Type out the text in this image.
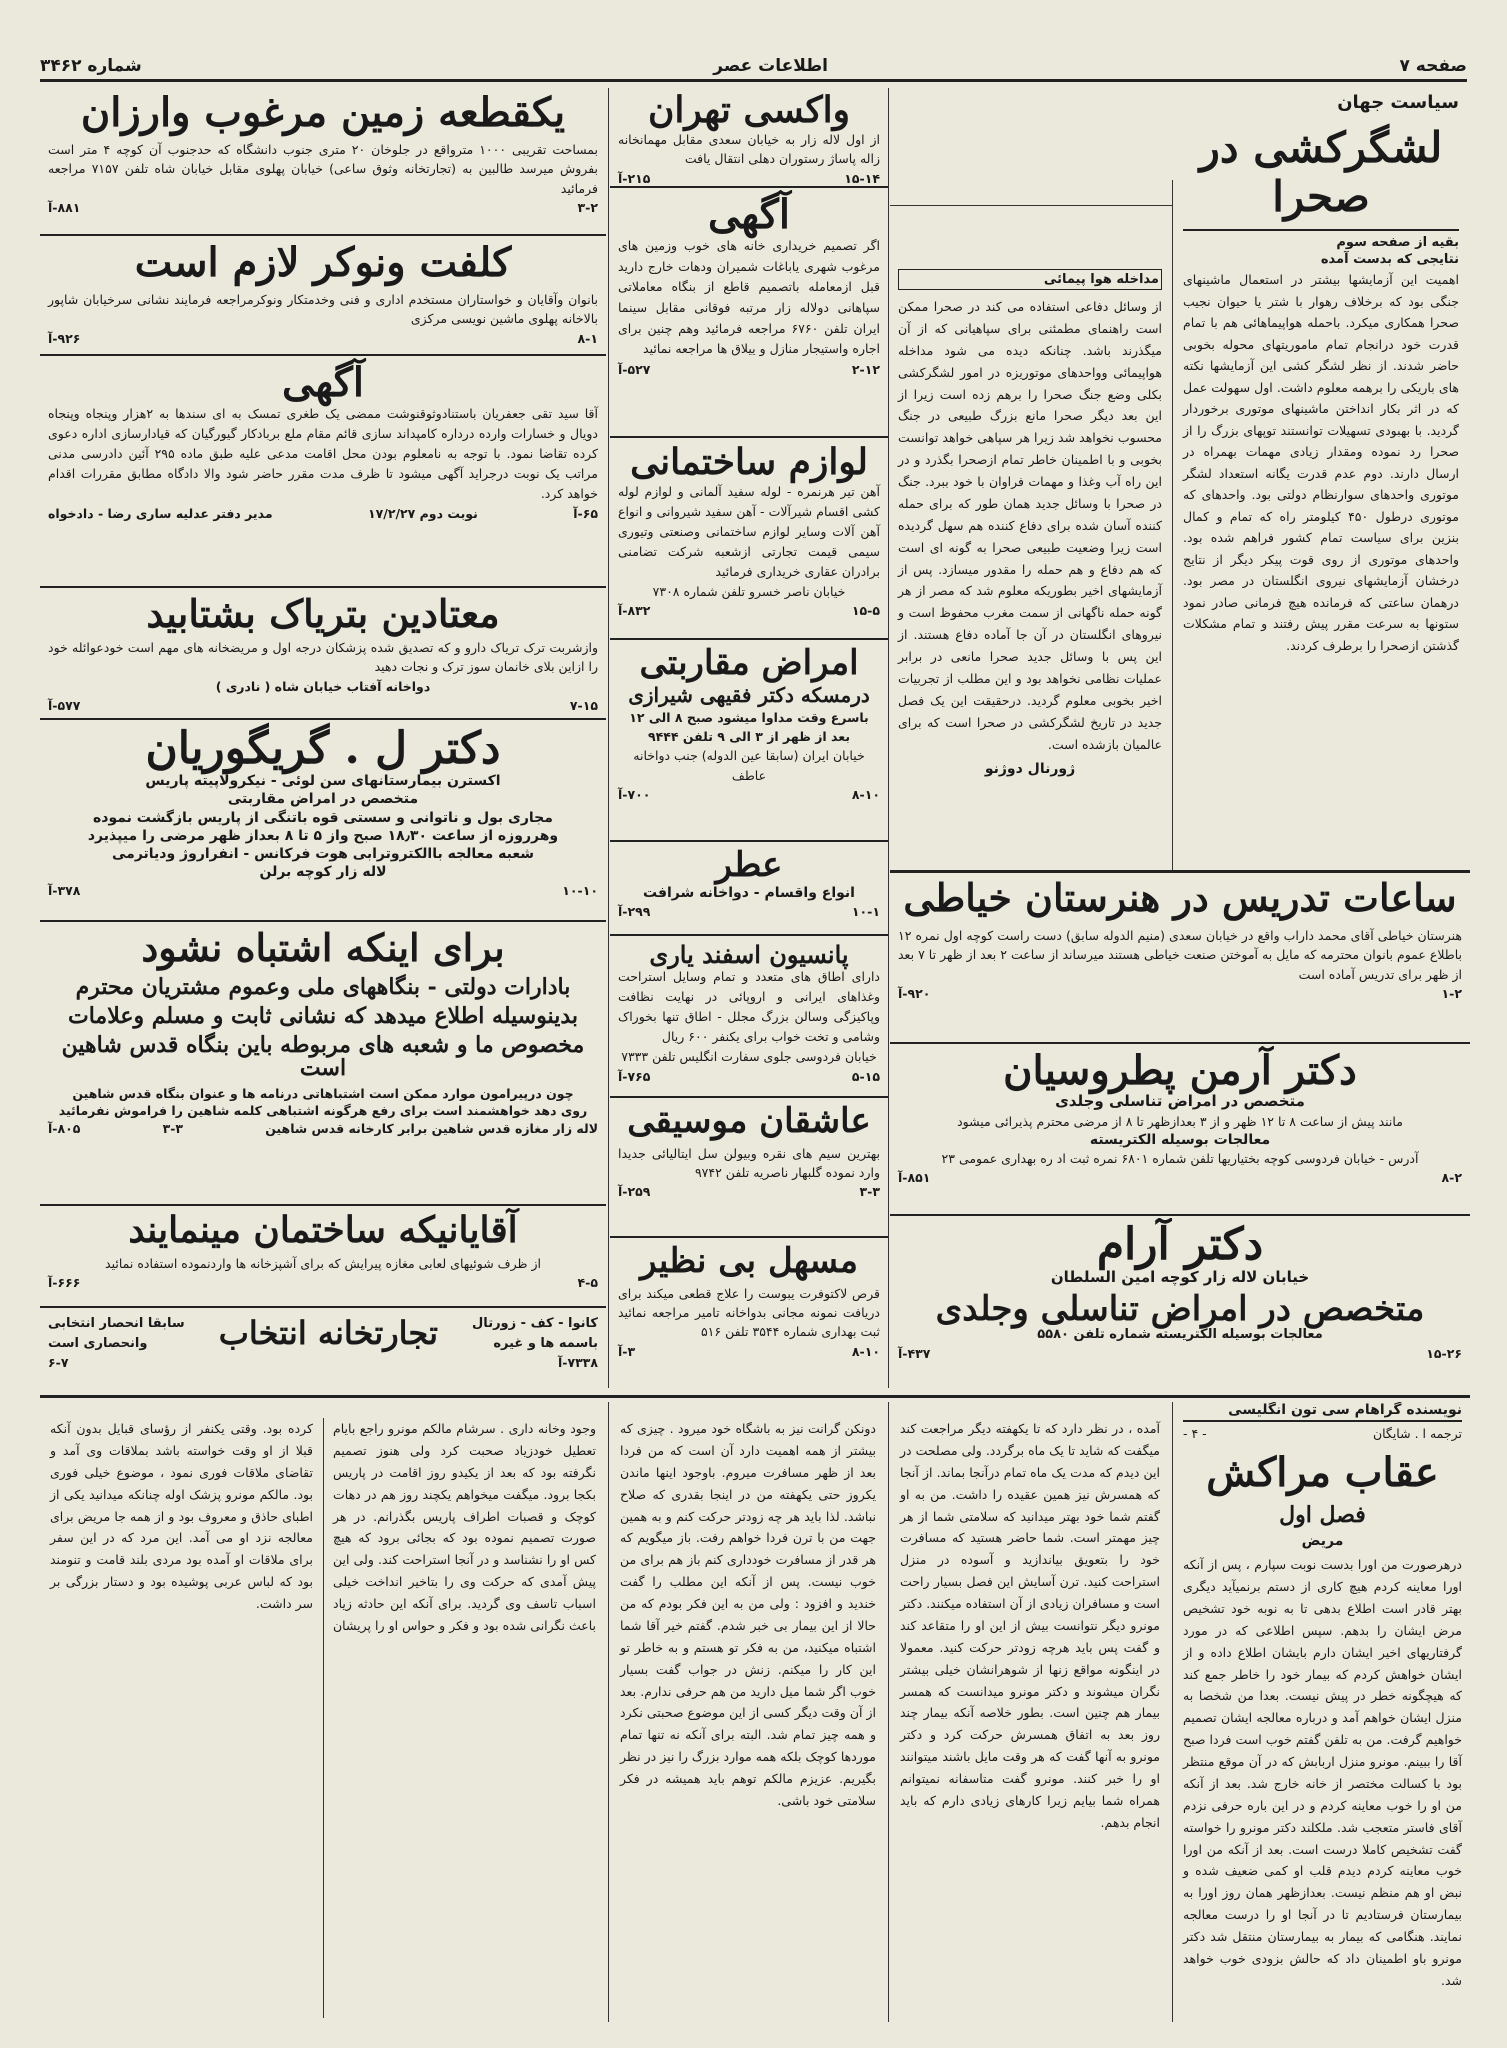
صفحه ۷
اطلاعات عصر
شماره ۳۴۶۲
سیاست جهان
لشگرکشی در صحرا
بقیه از صفحه سوم
نتایجی که بدست آمده
اهمیت این آزمایشها بیشتر در استعمال ماشینهای جنگی بود که برخلاف رهوار با شتر یا حیوان نجیب صحرا همکاری میکرد. باحمله هواپیماهائی هم با تمام قدرت خود درانجام تمام ماموریتهای محوله بخوبی حاضر شدند. از نظر لشگر کشی این آزمایشها نکته های باریکی را برهمه معلوم داشت. اول سهولت عمل که در اثر بکار انداختن ماشینهای موتوری برخوردار گردید. با بهبودی تسهیلات توانستند توپهای بزرگ را از صحرا رد نموده ومقدار زیادی مهمات بهمراه در ارسال دارند. دوم عدم قدرت یگانه استعداد لشگر موتوری واحدهای سوارنظام دولتی بود. واحدهای که موتوری درطول ۴۵۰ کیلومتر راه که تمام و کمال بنزین برای سیاست تمام کشور فراهم شده بود. واحدهای موتوری از روی قوت پیکر دیگر از نتایج درخشان آزمایشهای نیروی انگلستان در مصر بود. درهمان ساعتی که فرمانده هیچ فرمانی صادر نمود ستونها به سرعت مقرر پیش رفتند و تمام مشکلات گذشتن ازصحرا را برطرف کردند.
مداخله هوا پیمائی
از وسائل دفاعی استفاده می کند در صحرا ممکن است راهنمای مطمئنی برای سپاهیانی که از آن میگذرند باشد. چنانکه دیده می شود مداخله هواپیمائی وواحدهای موتوریزه در امور لشگرکشی بکلی وضع جنگ صحرا را برهم زده است زیرا از این بعد دیگر صحرا مانع بزرگ طبیعی در جنگ محسوب نخواهد شد زیرا هر سپاهی خواهد توانست بخوبی و با اطمینان خاطر تمام ازصحرا بگذرد و در این راه آب وغذا و مهمات فراوان با خود ببرد. جنگ در صحرا با وسائل جدید همان طور که برای حمله کننده آسان شده برای دفاع کننده هم سهل گردیده است زیرا وضعیت طبیعی صحرا به گونه ای است که هم دفاع و هم حمله را مقدور میسازد. پس از آزمایشهای اخیر بطوریکه معلوم شد که مصر از هر گونه حمله ناگهانی از سمت مغرب محفوظ است و نیروهای انگلستان در آن جا آماده دفاع هستند. از این پس با وسائل جدید صحرا مانعی در برابر عملیات نظامی نخواهد بود و این مطلب از تجربیات اخیر بخوبی معلوم گردید. درحقیقت این یک فصل جدید در تاریخ لشگرکشی در صحرا است که برای عالمیان بازشده است.
ژورنال دوژنو
ساعات تدریس در هنرستان خیاطی
هنرستان خیاطی آقای محمد داراب واقع در خیابان سعدی (منیم الدوله سابق) دست راست کوچه اول نمره ۱۲ باطلاع عموم بانوان محترمه که مایل به آموختن صنعت خیاطی هستند میرساند از ساعت ۲ بعد از ظهر تا ۷ بعد از ظهر برای تدریس آماده است
۱-۲
۹۲۰-آ
دکتر آرمن پطروسیان
متخصص در امراض تناسلی وجلدی
مانند پیش از ساعت ۸ تا ۱۲ ظهر و از ۳ بعدازظهر تا ۸ از مرضی محترم پذیرائی میشود
معالجات بوسیله الکتریسته
آدرس - خیابان فردوسی کوچه بختیاریها تلفن شماره ۶۸۰۱ نمره ثبت اد ره بهداری عمومی ۲۳
۸-۲
۸۵۱-آ
دکتر آرام
خیابان لاله زار کوچه امین السلطان
متخصص در امراض تناسلی وجلدی
معالجات بوسیله الکتریسته شماره تلفن ۵۵۸۰
۱۵-۲۶
۴۳۷-آ
واکسی تهران
از اول لاله زار به خیابان سعدی مقابل مهمانخانه زاله پاساژ رستوران دهلی انتقال یافت
۱۵-۱۴
۲۱۵-آ
آگهی
اگر تصمیم خریداری خانه های خوب وزمین های مرغوب شهری یاباغات شمیران ودهات خارج دارید قبل ازمعامله باتصمیم قاطع از بنگاه معاملاتی سپاهانی دولاله زار مرتبه فوقانی مقابل سینما ایران تلفن ۶۷۶۰ مراجعه فرمائید وهم چنین برای اجاره واستیجار منازل و ییلاق ها مراجعه نمائید
۲-۱۲
۵۲۷-آ
لوازم ساختمانی
آهن تیر هرنمره - لوله سفید آلمانی و لوازم لوله کشی اقسام شیرآلات - آهن سفید شیروانی و انواع آهن آلات وسایر لوازم ساختمانی وصنعتی وتیوری سیمی قیمت تجارتی ازشعبه شرکت تضامنی برادران عقاری خریداری فرمائید
خیابان ناصر خسرو تلفن شماره ۷۳۰۸
۱۵-۵
۸۳۲-آ
امراض مقاربتی
درمسکه دکتر فقیهی شیرازی
باسرع وقت مداوا میشود صبح ۸ الی ۱۲ بعد از ظهر از ۳ الی ۹ تلفن ۹۴۴۴
خیابان ایران (سابقا عین الدوله) جنب دواخانه عاطف
۸-۱۰
۷۰۰-آ
عطر
انواع واقسام - دواخانه شرافت
۱۰-۱
۲۹۹-آ
پانسیون اسفند یاری
دارای اطاق های متعدد و تمام وسایل استراحت وغذاهای ایرانی و اروپائی در نهایت نظافت وپاکیزگی وسالن بزرگ مجلل - اطاق تنها بخوراک وشامی و تخت خواب برای یکنفر ۶۰۰ ریال
خیابان فردوسی جلوی سفارت انگلیس تلفن ۷۳۳۳
۵-۱۵
۷۶۵-آ
عاشقان موسیقی
بهترین سیم های نقره وبیولن سل ایتالیائی جدیدا وارد نموده گلبهار ناصریه تلفن ۹۷۴۲
۳-۳
۲۵۹-آ
مسهل بی نظیر
قرص لاکتوفرت یبوست را علاج قطعی میکند برای دریافت نمونه مجانی بدواخانه تامیر مراجعه نمائید ثبت بهداری شماره ۳۵۴۴ تلفن ۵۱۶
۸-۱۰
۳-آ
یکقطعه زمین مرغوب وارزان
بمساحت تقریبی ۱۰۰۰ مترواقع در جلوخان ۲۰ متری جنوب دانشگاه که حدجنوب آن کوچه ۴ متر است بفروش میرسد طالبین به (تجارتخانه وثوق ساعی) خیابان پهلوی مقابل خیابان شاه تلفن ۷۱۵۷ مراجعه فرمائید
۳-۲
۸۸۱-آ
کلفت ونوکر لازم است
بانوان وآقایان و خواستاران مستخدم اداری و فنی وخدمتکار ونوکرمراجعه فرمایند نشانی سرخیابان شاپور بالاخانه پهلوی ماشین نویسی مرکزی
۸-۱
۹۲۶-آ
آگهی
آقا سید تقی جعفریان باستنادوثوقنوشت ممضی یک طغری تمسک به ای سندها به ۲هزار وپنجاه وپنجاه دویال و خسارات وارده درداره کامپداند سازی قائم مقام ملع بربادکار گیورگیان که قیادارسازی اداره دعوی کرده تقاضا نمود. با توجه به نامعلوم بودن محل اقامت مدعی علیه طبق ماده ۲۹۵ آئین دادرسی مدنی مراتب یک نوبت درجراید آگهی میشود تا ظرف مدت مقرر حاضر شود والا دادگاه مطابق مقررات اقدام خواهد کرد.
۶۵-آ
نوبت دوم ۱۷/۲/۲۷
مدیر دفتر عدلیه ساری رضا - دادخواه
معتادین بتریاک بشتابید
وازشربت ترک تریاک دارو و که تصدیق شده پزشکان درجه اول و مریضخانه های مهم است خودعوائله خود را ازاین بلای خانمان سوز ترک و نجات دهید
دواخانه آفتاب خیابان شاه ( نادری )
۷-۱۵
۵۷۷-آ
دکتر ل . گریگوریان
اکسترن بیمارستانهای سن لوئی - نیکرولاپیته پاریس
متخصص در امراض مقاربتی
مجاری بول و ناتوانی و سستی قوه باتنگی از پاریس بازگشت نموده
وهرروزه از ساعت ۱۸٫۳۰ صبح واز ۵ تا ۸ بعداز ظهر مرضی را میپذیرد
شعبه معالجه باالکتروترابی هوت فرکانس - انفراروژ ودیاترمی
لاله زار کوچه برلن
۱۰-۱۰
۳۷۸-آ
برای اینکه اشتباه نشود
بادارات دولتی - بنگاههای ملی وعموم مشتریان محترم
بدینوسیله اطلاع میدهد که نشانی ثابت و مسلم وعلامات
مخصوص ما و شعبه های مربوطه باین بنگاه قدس شاهین است
چون درپیرامون موارد ممکن است اشتباهاتی درنامه ها و عنوان بنگاه قدس شاهین
روی دهد خواهشمند است برای رفع هرگونه اشتباهی کلمه شاهین را فراموش نفرمائید
لاله زار مغازه قدس شاهین برابر کارخانه قدس شاهین
۳-۳
۸۰۵-آ
آقایانیکه ساختمان مینمایند
از ظرف شوئیهای لعابی مغازه پیرایش که برای آشپزخانه ها واردنموده استفاده نمائید
۴-۵
۶۶۶-آ
کانوا - کف - زورتال
باسمه ها و غیره
تجارتخانه انتخاب
سابقا انحصار انتخابی
وانحصاری است
۷۳۳۸-آ
۶-۷
نویسنده گراهام سی تون انگلیسی
ترجمه ا . شایگان
- ۴ -
عقاب مراکش
فصل اول
مریض
درهرصورت من اورا بدست نوبت سپارم ، پس از آنکه اورا معاینه کردم هیچ کاری از دستم برنمیآید دیگری بهتر قادر است اطلاع بدهی تا به نوبه خود تشخیص مرض ایشان را بدهم. سپس اطلاعی که در مورد گرفتاریهای اخیر ایشان دارم بایشان اطلاع داده و از ایشان خواهش کردم که بیمار خود را خاطر جمع کند که هیچگونه خطر در پیش نیست. بعدا من شخصا به منزل ایشان خواهم آمد و درباره معالجه ایشان تصمیم خواهیم گرفت. من به تلفن گفتم خوب است فردا صبح آقا را ببینم. مونرو منزل اربابش که در آن موقع منتظر بود با کسالت مختصر از خانه خارج شد. بعد از آنکه من او را خوب معاینه کردم و در این باره حرفی نزدم آقای فاستر متعجب شد. ملکلند دکتر مونرو را خواسته گفت تشخیص کاملا درست است. بعد از آنکه من اورا خوب معاینه کردم دیدم قلب او کمی ضعیف شده و نبض او هم منظم نیست. بعدازظهر همان روز اورا به بیمارستان فرستادیم تا در آنجا او را درست معالجه نمایند. هنگامی که بیمار به بیمارستان منتقل شد دکتر مونرو باو اطمینان داد که حالش بزودی خوب خواهد شد.
آمده ، در نظر دارد که تا یکهفته دیگر مراجعت کند میگفت که شاید تا یک ماه برگردد. ولی مصلحت در این دیدم که مدت یک ماه تمام درآنجا بماند. از آنجا که همسرش نیز همین عقیده را داشت. من به او گفتم شما خود بهتر میدانید که سلامتی شما از هر چیز مهمتر است. شما حاضر هستید که مسافرت خود را بتعویق بیاندازید و آسوده در منزل استراحت کنید. ترن آسایش این فصل بسیار راحت است و مسافران زیادی از آن استفاده میکنند. دکتر مونرو دیگر نتوانست بیش از این او را متقاعد کند و گفت پس باید هرچه زودتر حرکت کنید. معمولا در اینگونه مواقع زنها از شوهرانشان خیلی بیشتر نگران میشوند و دکتر مونرو میدانست که همسر بیمار هم چنین است. بطور خلاصه آنکه بیمار چند روز بعد به اتفاق همسرش حرکت کرد و دکتر مونرو به آنها گفت که هر وقت مایل باشند میتوانند او را خبر کنند. مونرو گفت متاسفانه نمیتوانم همراه شما بیایم زیرا کارهای زیادی دارم که باید انجام بدهم.
دونکن گرانت نیز به باشگاه خود میرود . چیزی که بیشتر از همه اهمیت دارد آن است که من فردا بعد از ظهر مسافرت میروم. باوجود اینها ماندن یکروز حتی یکهفته من در اینجا بقدری که صلاح نباشد. لذا باید هر چه زودتر حرکت کنم و به همین جهت من با ترن فردا خواهم رفت. باز میگویم که هر قدر از مسافرت خودداری کنم باز هم برای من خوب نیست. پس از آنکه این مطلب را گفت خندید و افزود : ولی من به این فکر بودم که من حالا از این بیمار بی خبر شدم. گفتم خیر آقا شما اشتباه میکنید، من به فکر تو هستم و به خاطر تو این کار را میکنم. زنش در جواب گفت بسیار خوب اگر شما میل دارید من هم حرفی ندارم. بعد از آن وقت دیگر کسی از این موضوع صحبتی نکرد و همه چیز تمام شد. البته برای آنکه نه تنها تمام موردها کوچک بلکه همه موارد بزرگ را نیز در نظر بگیریم. عزیزم مالکم توهم باید همیشه در فکر سلامتی خود باشی.
وجود وخانه داری . سرشام مالکم مونرو راجع بایام تعطیل خودزیاد صحبت کرد ولی هنوز تصمیم نگرفته بود که بعد از یکیدو روز اقامت در پاریس بکجا برود. میگفت میخواهم یکچند روز هم در دهات کوچک و قصبات اطراف پاریس بگذرانم. در هر صورت تصمیم نموده بود که بجائی برود که هیچ کس او را نشناسد و در آنجا استراحت کند. ولی این پیش آمدی که حرکت وی را بتاخیر انداخت خیلی اسباب تاسف وی گردید. برای آنکه این حادثه زیاد باعث نگرانی شده بود و فکر و حواس او را پریشان کرده بود. وقتی یکنفر از رؤسای قبایل بدون آنکه قبلا از او وقت خواسته باشد بملاقات وی آمد و تقاضای ملاقات فوری نمود ، موضوع خیلی فوری بود. مالکم مونرو پزشک اوله چنانکه میدانید یکی از اطبای حاذق و معروف بود و از همه جا مریض برای معالجه نزد او می آمد. این مرد که در این سفر برای ملاقات او آمده بود مردی بلند قامت و تنومند بود که لباس عربی پوشیده بود و دستار بزرگی بر سر داشت.
